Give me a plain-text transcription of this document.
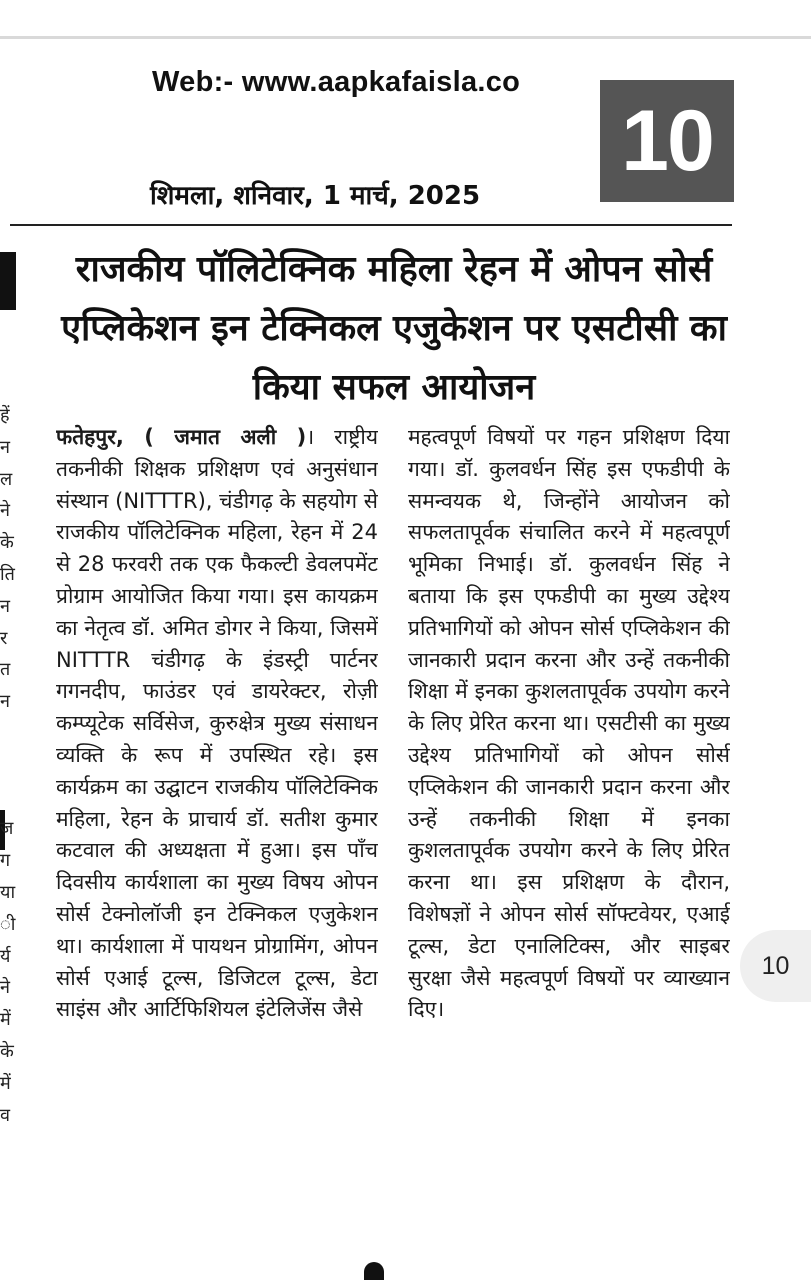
Web:- www.aapkafaisla.co
10
शिमला, शनिवार, 1 मार्च, 2025
हें
न
ल
ने
के
ति
न
र
त
न

ज
ग
या
ी
र्य
ने
में
के
में
व
राजकीय पॉलिटेक्निक महिला रेहन में ओपन सोर्स एप्लिकेशन इन टेक्निकल एजुकेशन पर एसटीसी का किया सफल आयोजन
फतेहपुर, ( जमात अली )। राष्ट्रीय तकनीकी शिक्षक प्रशिक्षण एवं अनुसंधान संस्थान (NITTTR), चंडीगढ़ के सहयोग से राजकीय पॉलिटेक्निक महिला, रेहन में 24 से 28 फरवरी तक एक फैकल्टी डेवलपमेंट प्रोग्राम आयोजित किया गया। इस कायक्रम का नेतृत्व डॉ. अमित डोगर ने किया, जिसमें NITTTR चंडीगढ़ के इंडस्ट्री पार्टनर गगनदीप, फाउंडर एवं डायरेक्टर, रोज़ी कम्प्यूटेक सर्विसेज, कुरुक्षेत्र मुख्य संसाधन व्यक्ति के रूप में उपस्थित रहे। इस कार्यक्रम का उद्घाटन राजकीय पॉलिटेक्निक महिला, रेहन के प्राचार्य डॉ. सतीश कुमार कटवाल की अध्यक्षता में हुआ। इस पाँच दिवसीय कार्यशाला का मुख्य विषय ओपन सोर्स टेक्नोलॉजी इन टेक्निकल एजुकेशन था। कार्यशाला में पायथन प्रोग्रामिंग, ओपन सोर्स एआई टूल्स, डिजिटल टूल्स, डेटा साइंस और आर्टिफिशियल इंटेलिजेंस जैसे
महत्वपूर्ण विषयों पर गहन प्रशिक्षण दिया गया। डॉ. कुलवर्धन सिंह इस एफडीपी के समन्वयक थे, जिन्होंने आयोजन को सफलतापूर्वक संचालित करने में महत्वपूर्ण भूमिका निभाई। डॉ. कुलवर्धन सिंह ने बताया कि इस एफडीपी का मुख्य उद्देश्य प्रतिभागियों को ओपन सोर्स एप्लिकेशन की जानकारी प्रदान करना और उन्हें तकनीकी शिक्षा में इनका कुशलतापूर्वक उपयोग करने के लिए प्रेरित करना था। एसटीसी का मुख्य उद्देश्य प्रतिभागियों को ओपन सोर्स एप्लिकेशन की जानकारी प्रदान करना और उन्हें तकनीकी शिक्षा में इनका कुशलतापूर्वक उपयोग करने के लिए प्रेरित करना था। इस प्रशिक्षण के दौरान, विशेषज्ञों ने ओपन सोर्स सॉफ्टवेयर, एआई टूल्स, डेटा एनालिटिक्स, और साइबर सुरक्षा जैसे महत्वपूर्ण विषयों पर व्याख्यान दिए।
10
